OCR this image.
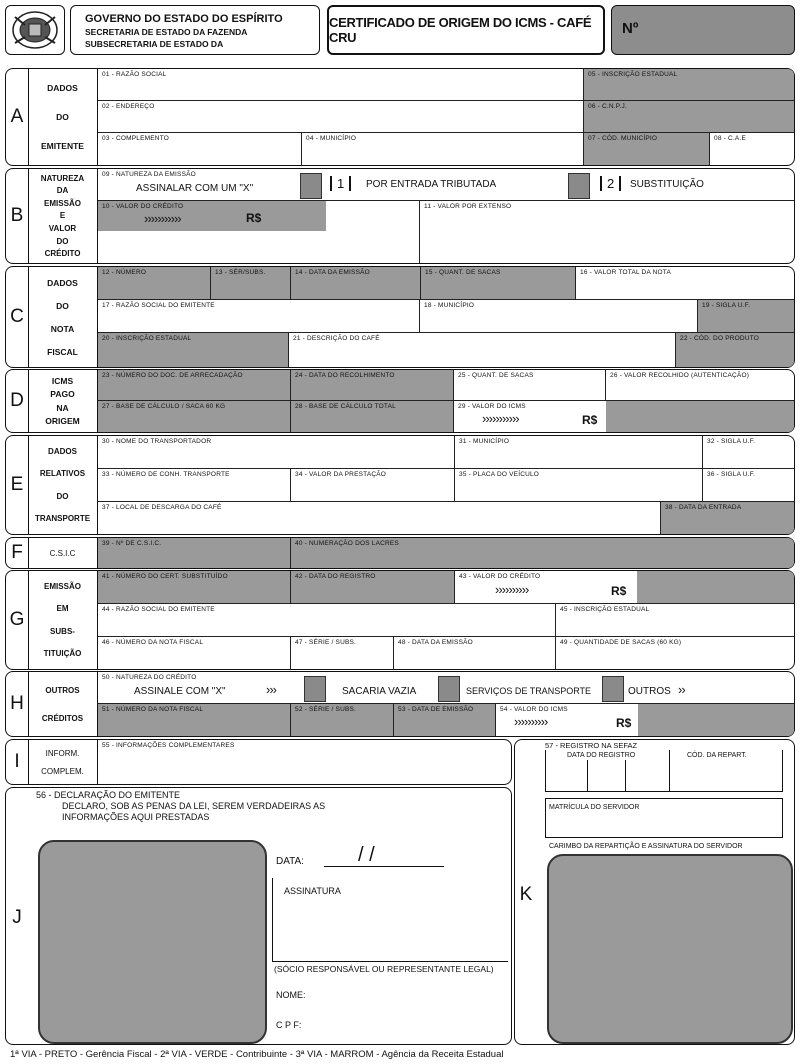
GOVERNO DO ESTADO DO ESPÍRITO
SECRETARIA DE ESTADO DA FAZENDA
SUBSECRETARIA DE ESTADO DA
CERTIFICADO DE ORIGEM DO ICMS - CAFÉ CRU
Nº
A
DADOS
DO
EMITENTE
01 - RAZÃO SOCIAL	05 - INSCRIÇÃO ESTADUAL
02 - ENDEREÇO	06 - C.N.P.J.
03 - COMPLEMENTO	04 - MUNICÍPIO	07 - CÓD. MUNICÍPIO	08 - C.A.E
B
NATUREZA
DA
EMISSÃO
E
VALOR
DO
CRÉDITO
09 - NATUREZA DA EMISSÃO
ASSINALAR COM UM "X"	1	POR ENTRADA TRIBUTADA	2	SUBSTITUIÇÃO
10 - VALOR DO CRÉDITO
›››››››››››	R$
11 - VALOR POR EXTENSO
C
DADOS
DO
NOTA
FISCAL
12 - NÚMERO	13 - SÉR/SUBS.	14 - DATA DA EMISSÃO	15 - QUANT. DE SACAS	16 - VALOR TOTAL DA NOTA
17 - RAZÃO SOCIAL DO EMITENTE	18 - MUNICÍPIO	19 - SIGLA U.F.
20 - INSCRIÇÃO ESTADUAL	21 - DESCRIÇÃO DO CAFÉ	22 - CÓD. DO PRODUTO
D
ICMS
PAGO
NA
ORIGEM
23 - NÚMERO DO DOC. DE ARRECADAÇÃO	24 - DATA DO RECOLHIMENTO	25 - QUANT. DE SACAS	26 - VALOR RECOLHIDO (AUTENTICAÇÃO)
27 - BASE DE CÁLCULO / SACA 60 KG	28 - BASE DE CÁLCULO TOTAL	29 - VALOR DO ICMS
›››››››››››	R$
E
DADOS
RELATIVOS
DO
TRANSPORTE
30 - NOME DO TRANSPORTADOR	31 - MUNICÍPIO	32 - SIGLA U.F.
33 - NÚMERO DE CONH. TRANSPORTE	34 - VALOR DA PRESTAÇÃO	35 - PLACA DO VEÍCULO	36 - SIGLA U.F.
37 - LOCAL DE DESCARGA DO CAFÉ	38 - DATA DA ENTRADA
F	C.S.I.C
39 - Nº DE C.S.I.C.	40 - NUMERAÇÃO DOS LACRES
G
EMISSÃO
EM
SUBS-
TITUIÇÃO
41 - NÚMERO DO CERT. SUBSTITUÍDO	42 - DATA DO REGISTRO	43 - VALOR DO CRÉDITO
››››››››››	R$
44 - RAZÃO SOCIAL DO EMITENTE	45 - INSCRIÇÃO ESTADUAL
46 - NÚMERO DA NOTA FISCAL	47 - SÉRIE / SUBS.	48 - DATA DA EMISSÃO	49 - QUANTIDADE DE SACAS (60 KG)
H
OUTROS
CRÉDITOS
50 - NATUREZA DO CRÉDITO
ASSINALE COM "X"	›››	SACARIA VAZIA	SERVIÇOS DE TRANSPORTE	OUTROS ››
51 - NÚMERO DA NOTA FISCAL	52 - SÉRIE / SUBS.	53 - DATA DE EMISSÃO	54 - VALOR DO ICMS
››››››››››	R$
I	INFORM.
COMPLEM.
55 - INFORMAÇÕES COMPLEMENTARES
J
56 - DECLARAÇÃO DO EMITENTE
DECLARO, SOB AS PENAS DA LEI, SEREM VERDADEIRAS AS
INFORMAÇÕES AQUI PRESTADAS
DATA:	/ /
ASSINATURA
(SÓCIO RESPONSÁVEL OU REPRESENTANTE LEGAL)
NOME:
C P F:
K
57 - REGISTRO NA SEFAZ
DATA DO REGISTRO	CÓD. DA REPART.
MATRÍCULA DO SERVIDOR
CARIMBO DA REPARTIÇÃO E ASSINATURA DO SERVIDOR
1ª VIA - PRETO - Gerência Fiscal - 2ª VIA - VERDE - Contribuinte - 3ª VIA - MARROM - Agência da Receita Estadual
